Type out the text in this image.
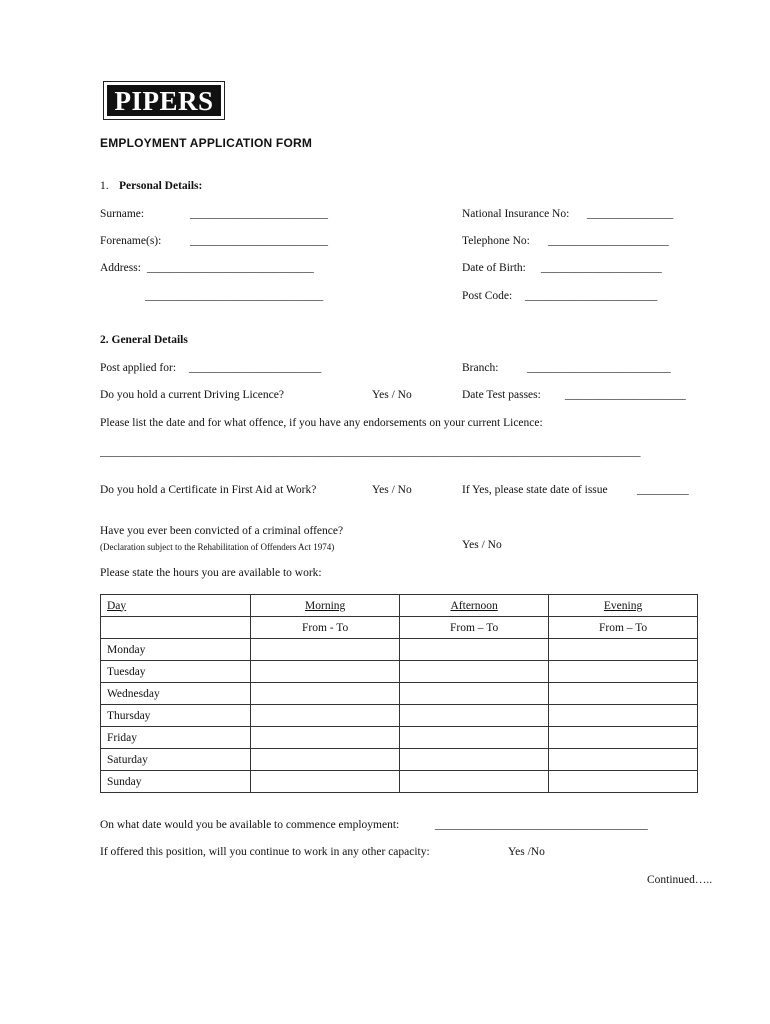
PIPERS
EMPLOYMENT APPLICATION FORM
1. Personal Details:
Surname:	________________________	National Insurance No: _______________
Forename(s): ________________________	Telephone No: _____________________
Address: _____________________________	Date of Birth: _____________________
_______________________________	Post Code: _______________________
2. General Details
Post applied for: _______________________	Branch: _________________________
Do you hold a current Driving Licence?	Yes / No	Date Test passes: _____________________
Please list the date and for what offence, if you have any endorsements on your current Licence:
______________________________________________________________________________________________
Do you hold a Certificate in First Aid at Work?	Yes / No	If Yes, please state date of issue	_________
Have you ever been convicted of a criminal offence?
(Declaration subject to the Rehabilitation of Offenders Act 1974)	Yes / No
Please state the hours you are available to work:
Day	Morning	Afternoon	Evening
	From - To	From – To	From – To
Monday			
Tuesday			
Wednesday			
Thursday			
Friday			
Saturday			
Sunday			
On what date would you be available to commence employment:	_____________________________________
If offered this position, will you continue to work in any other capacity:	Yes /No
Continued…..
